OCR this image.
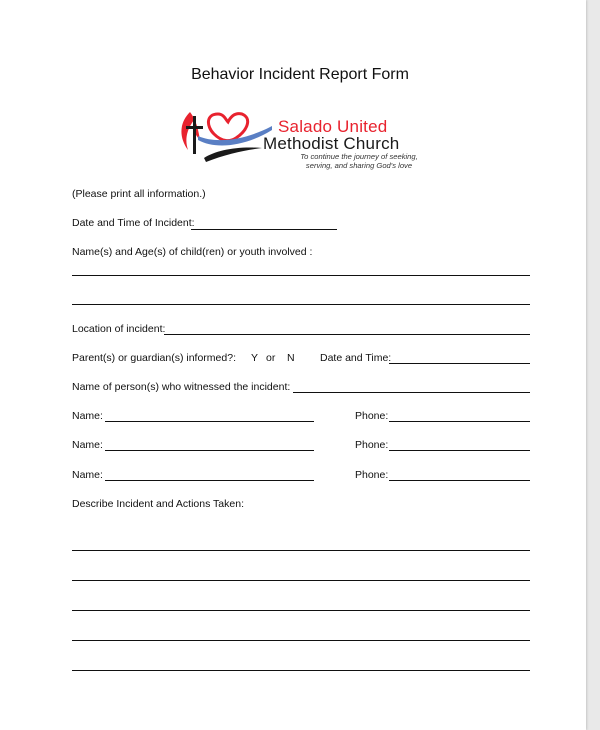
Behavior Incident Report Form
Salado United
Methodist Church
To continue the journey of seeking,
serving, and sharing God's love
(Please print all information.)
Date and Time of Incident:
Name(s) and Age(s) of child(ren) or youth involved :
Location of incident:
Parent(s) or guardian(s) informed?: Y or N Date and Time:
Name of person(s) who witnessed the incident:
Name:	Phone:
Name:	Phone:
Name:	Phone:
Describe Incident and Actions Taken:
